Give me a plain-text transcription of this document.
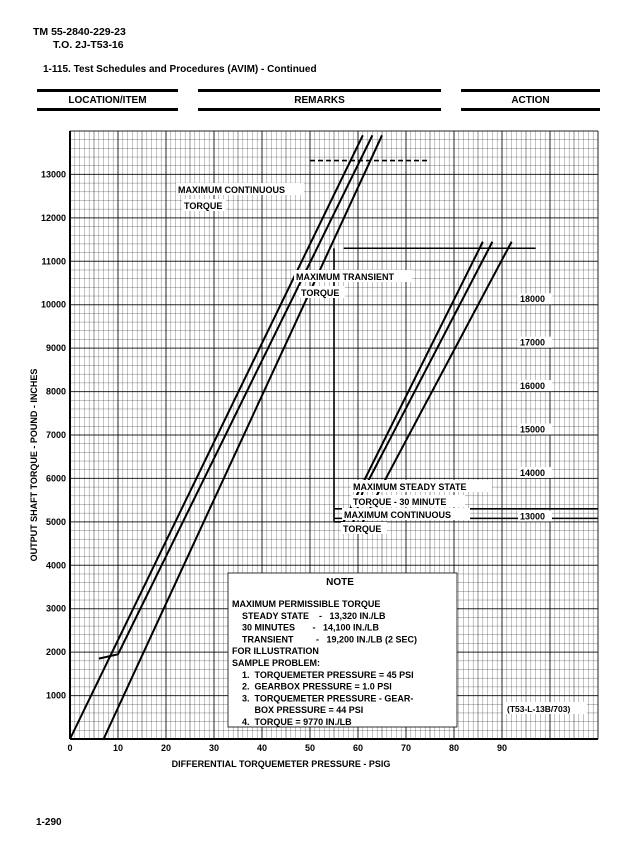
TM 55-2840-229-23
T.O. 2J-T53-16
1-115. Test Schedules and Procedures (AVIM) - Continued
LOCATION/ITEM	REMARKS	ACTION
0	10	20	30	40	50	60	70	80	90
1000
2000
3000
4000
5000
6000
7000
8000
9000
10000
11000
12000
13000
13000
14000
15000
16000
17000
18000
DIFFERENTIAL TORQUEMETER PRESSURE - PSIG
OUTPUT SHAFT TORQUE - POUND - INCHES
MAXIMUM CONTINUOUS
TORQUE
MAXIMUM TRANSIENT
TORQUE
MAXIMUM STEADY STATE
TORQUE - 30 MINUTE
MAXIMUM CONTINUOUS
TORQUE
NOTE
MAXIMUM PERMISSIBLE TORQUE
STEADY STATE    -   13,320 IN./LB
30 MINUTES       -   14,100 IN./LB
TRANSIENT         -   19,200 IN./LB (2 SEC)
FOR ILLUSTRATION
SAMPLE PROBLEM:
1.  TORQUEMETER PRESSURE = 45 PSI
2.  GEARBOX PRESSURE = 1.0 PSI
3.  TORQUEMETER PRESSURE - GEAR-
BOX PRESSURE = 44 PSI
4.  TORQUE = 9770 IN./LB
(T53-L-13B/703)
1-290
